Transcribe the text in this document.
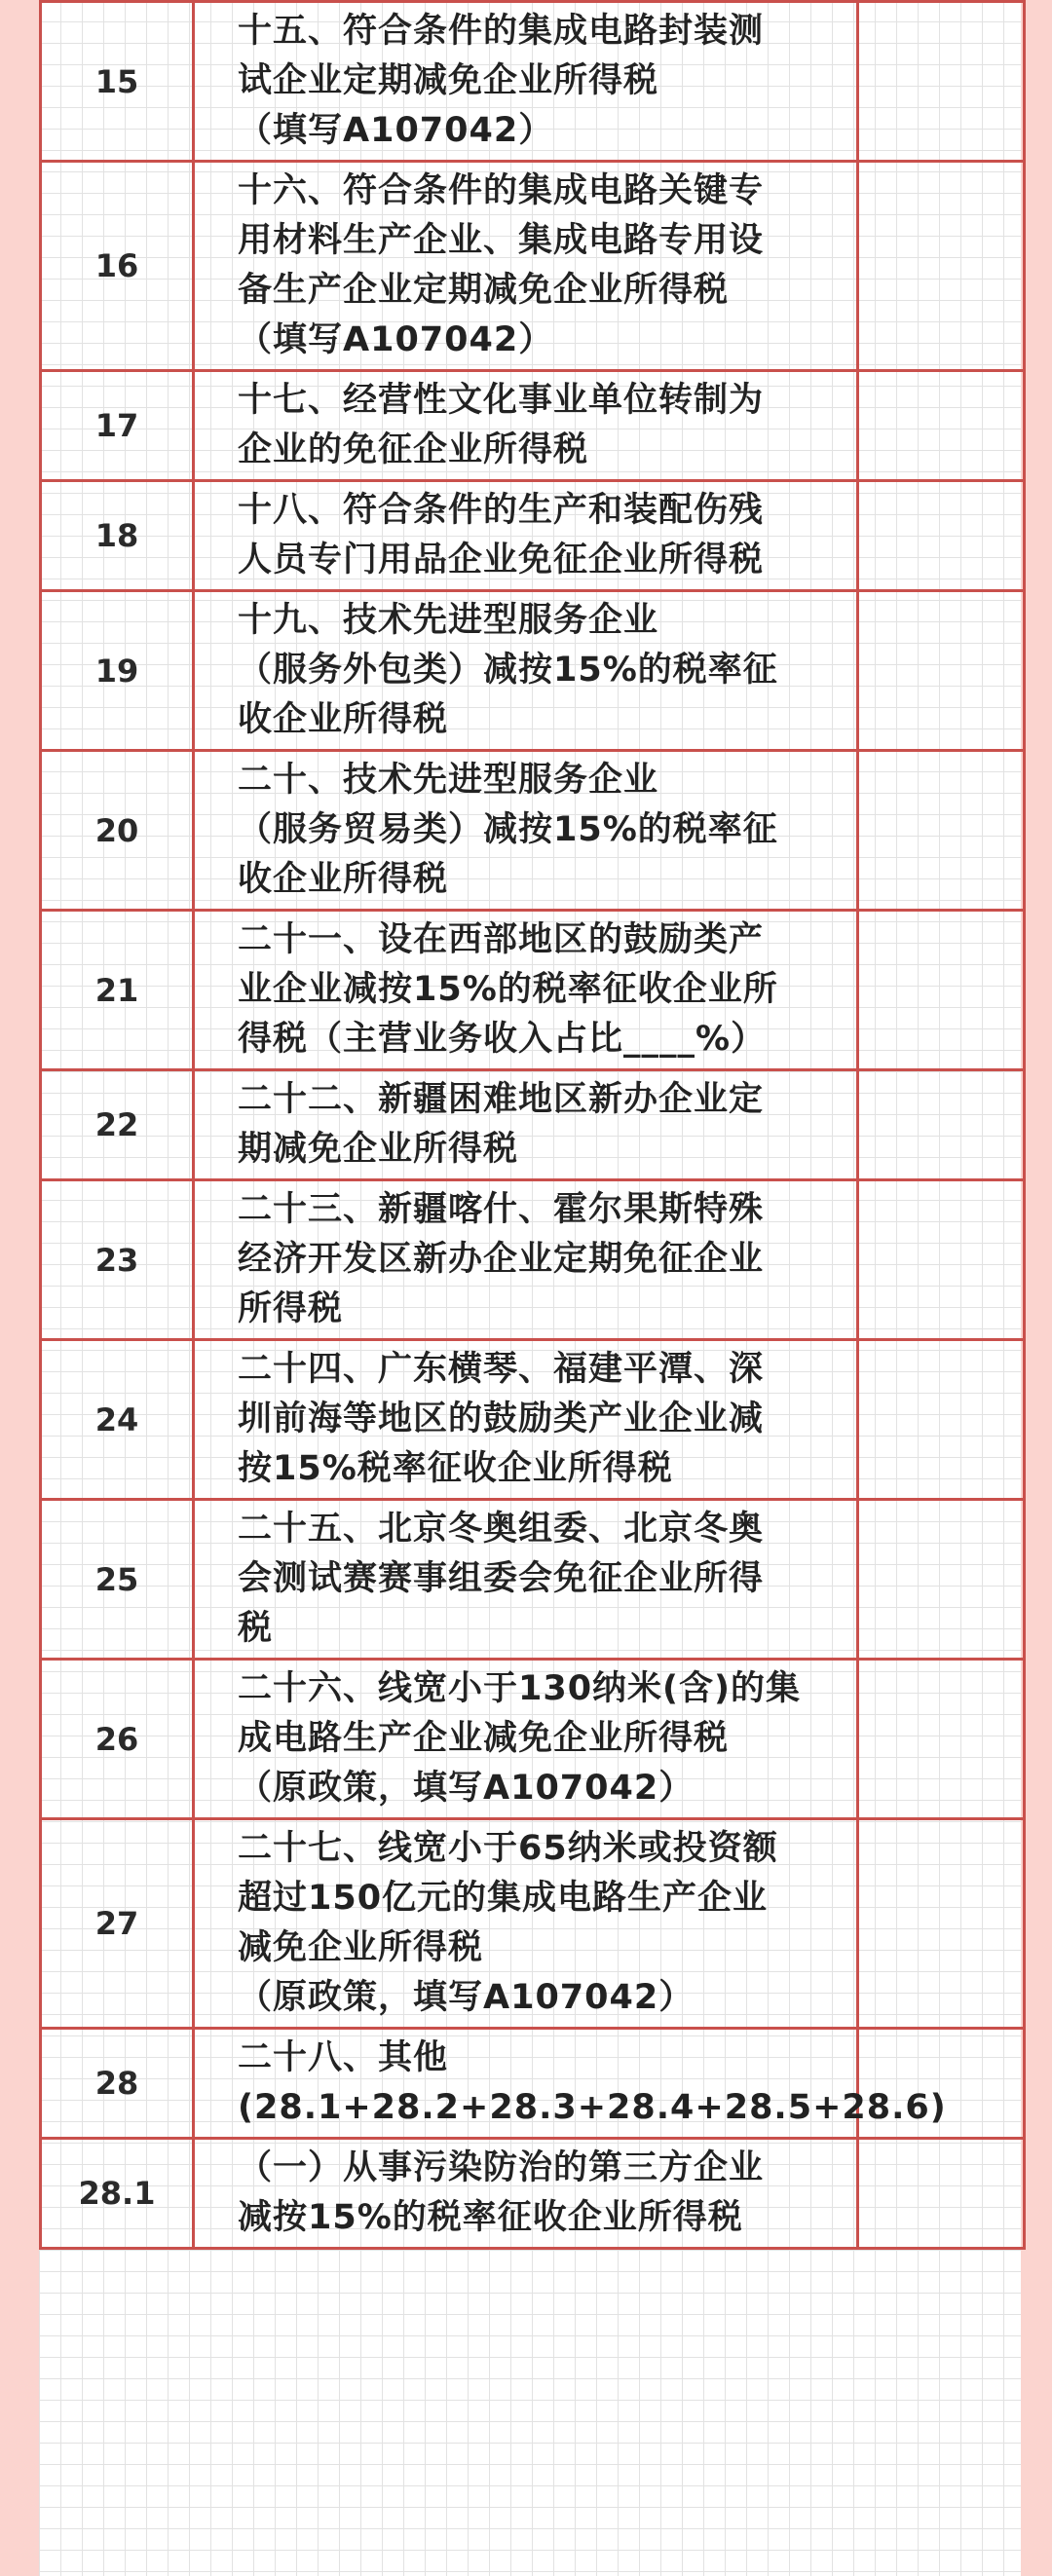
15	十五、符合条件的集成电路封装测
试企业定期减免企业所得税
（填写A107042）	

16	十六、符合条件的集成电路关键专
用材料生产企业、集成电路专用设
备生产企业定期减免企业所得税
（填写A107042）	

17	十七、经营性文化事业单位转制为
企业的免征企业所得税	

18	十八、符合条件的生产和装配伤残
人员专门用品企业免征企业所得税	

19	十九、技术先进型服务企业
（服务外包类）减按15%的税率征
收企业所得税	

20	二十、技术先进型服务企业
（服务贸易类）减按15%的税率征
收企业所得税	

21	二十一、设在西部地区的鼓励类产
业企业减按15%的税率征收企业所
得税（主营业务收入占比____%）	

22	二十二、新疆困难地区新办企业定
期减免企业所得税	

23	二十三、新疆喀什、霍尔果斯特殊
经济开发区新办企业定期免征企业
所得税	

24	二十四、广东横琴、福建平潭、深
圳前海等地区的鼓励类产业企业减
按15%税率征收企业所得税	

25	二十五、北京冬奥组委、北京冬奥
会测试赛赛事组委会免征企业所得
税	

26	二十六、线宽小于130纳米(含)的集
成电路生产企业减免企业所得税
（原政策，填写A107042）	

27	二十七、线宽小于65纳米或投资额
超过150亿元的集成电路生产企业
减免企业所得税
（原政策，填写A107042）	

28	二十八、其他
(28.1+28.2+28.3+28.4+28.5+28.6)	

28.1	（一）从事污染防治的第三方企业
减按15%的税率征收企业所得税	
